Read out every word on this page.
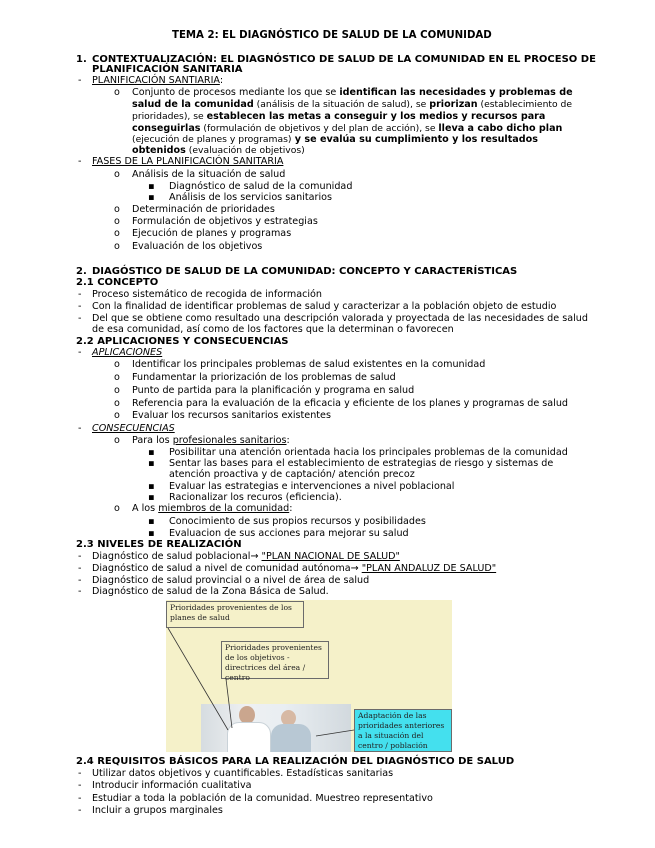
TEMA 2: EL DIAGNÓSTICO DE SALUD DE LA COMUNIDAD
1. CONTEXTUALIZACIÓN: EL DIAGNÓSTICO DE SALUD DE LA COMUNIDAD EN EL PROCESO DE
PLANIFICACIÓN SANITARIA
- PLANIFICACIÓN SANTIARIA:
o Conjunto de procesos mediante los que se identifican las necesidades y problemas de
salud de la comunidad (análisis de la situación de salud), se priorizan (establecimiento de
prioridades), se establecen las metas a conseguir y los medios y recursos para
conseguirlas (formulación de objetivos y del plan de acción), se lleva a cabo dicho plan
(ejecución de planes y programas) y se evalúa su cumplimiento y los resultados
obtenidos (evaluación de objetivos)
- FASES DE LA PLANIFICACIÓN SANITARIA
o Análisis de la situación de salud
▪ Diagnóstico de salud de la comunidad
▪ Análisis de los servicios sanitarios
o Determinación de prioridades
o Formulación de objetivos y estrategias
o Ejecución de planes y programas
o Evaluación de los objetivos
2. DIAGÓSTICO DE SALUD DE LA COMUNIDAD: CONCEPTO Y CARACTERÍSTICAS
2.1 CONCEPTO
- Proceso sistemático de recogida de información
- Con la finalidad de identificar problemas de salud y caracterizar a la población objeto de estudio
- Del que se obtiene como resultado una descripción valorada y proyectada de las necesidades de salud
de esa comunidad, así como de los factores que la determinan o favorecen
2.2 APLICACIONES Y CONSECUENCIAS
- APLICACIONES
o Identificar los principales problemas de salud existentes en la comunidad
o Fundamentar la priorización de los problemas de salud
o Punto de partida para la planificación y programa en salud
o Referencia para la evaluación de la eficacia y eficiente de los planes y programas de salud
o Evaluar los recursos sanitarios existentes
- CONSECUENCIAS
o Para los profesionales sanitarios:
▪ Posibilitar una atención orientada hacia los principales problemas de la comunidad
▪ Sentar las bases para el establecimiento de estrategias de riesgo y sistemas de
atención proactiva y de captación/ atención precoz
▪ Evaluar las estrategias e intervenciones a nivel poblacional
▪ Racionalizar los recuros (eficiencia).
o A los miembros de la comunidad:
▪ Conocimiento de sus propios recursos y posibilidades
▪ Evaluacion de sus acciones para mejorar su salud
2.3 NIVELES DE REALIZACIÓN
- Diagnóstico de salud poblacional→ "PLAN NACIONAL DE SALUD"
- Diagnóstico de salud a nivel de comunidad autónoma→ "PLAN ANDALUZ DE SALUD"
- Diagnóstico de salud provincial o a nivel de área de salud
- Diagnóstico de salud de la Zona Básica de Salud.
Prioridades provenientes de los planes de salud
Prioridades provenientes de los objetivos - directrices del área / centro
Adaptación de las prioridades anteriores a la situación del centro / población
2.4 REQUISITOS BÁSICOS PARA LA REALIZACIÓN DEL DIAGNÓSTICO DE SALUD
- Utilizar datos objetivos y cuantificables. Estadísticas sanitarias
- Introducir información cualitativa
- Estudiar a toda la población de la comunidad. Muestreo representativo
- Incluir a grupos marginales
